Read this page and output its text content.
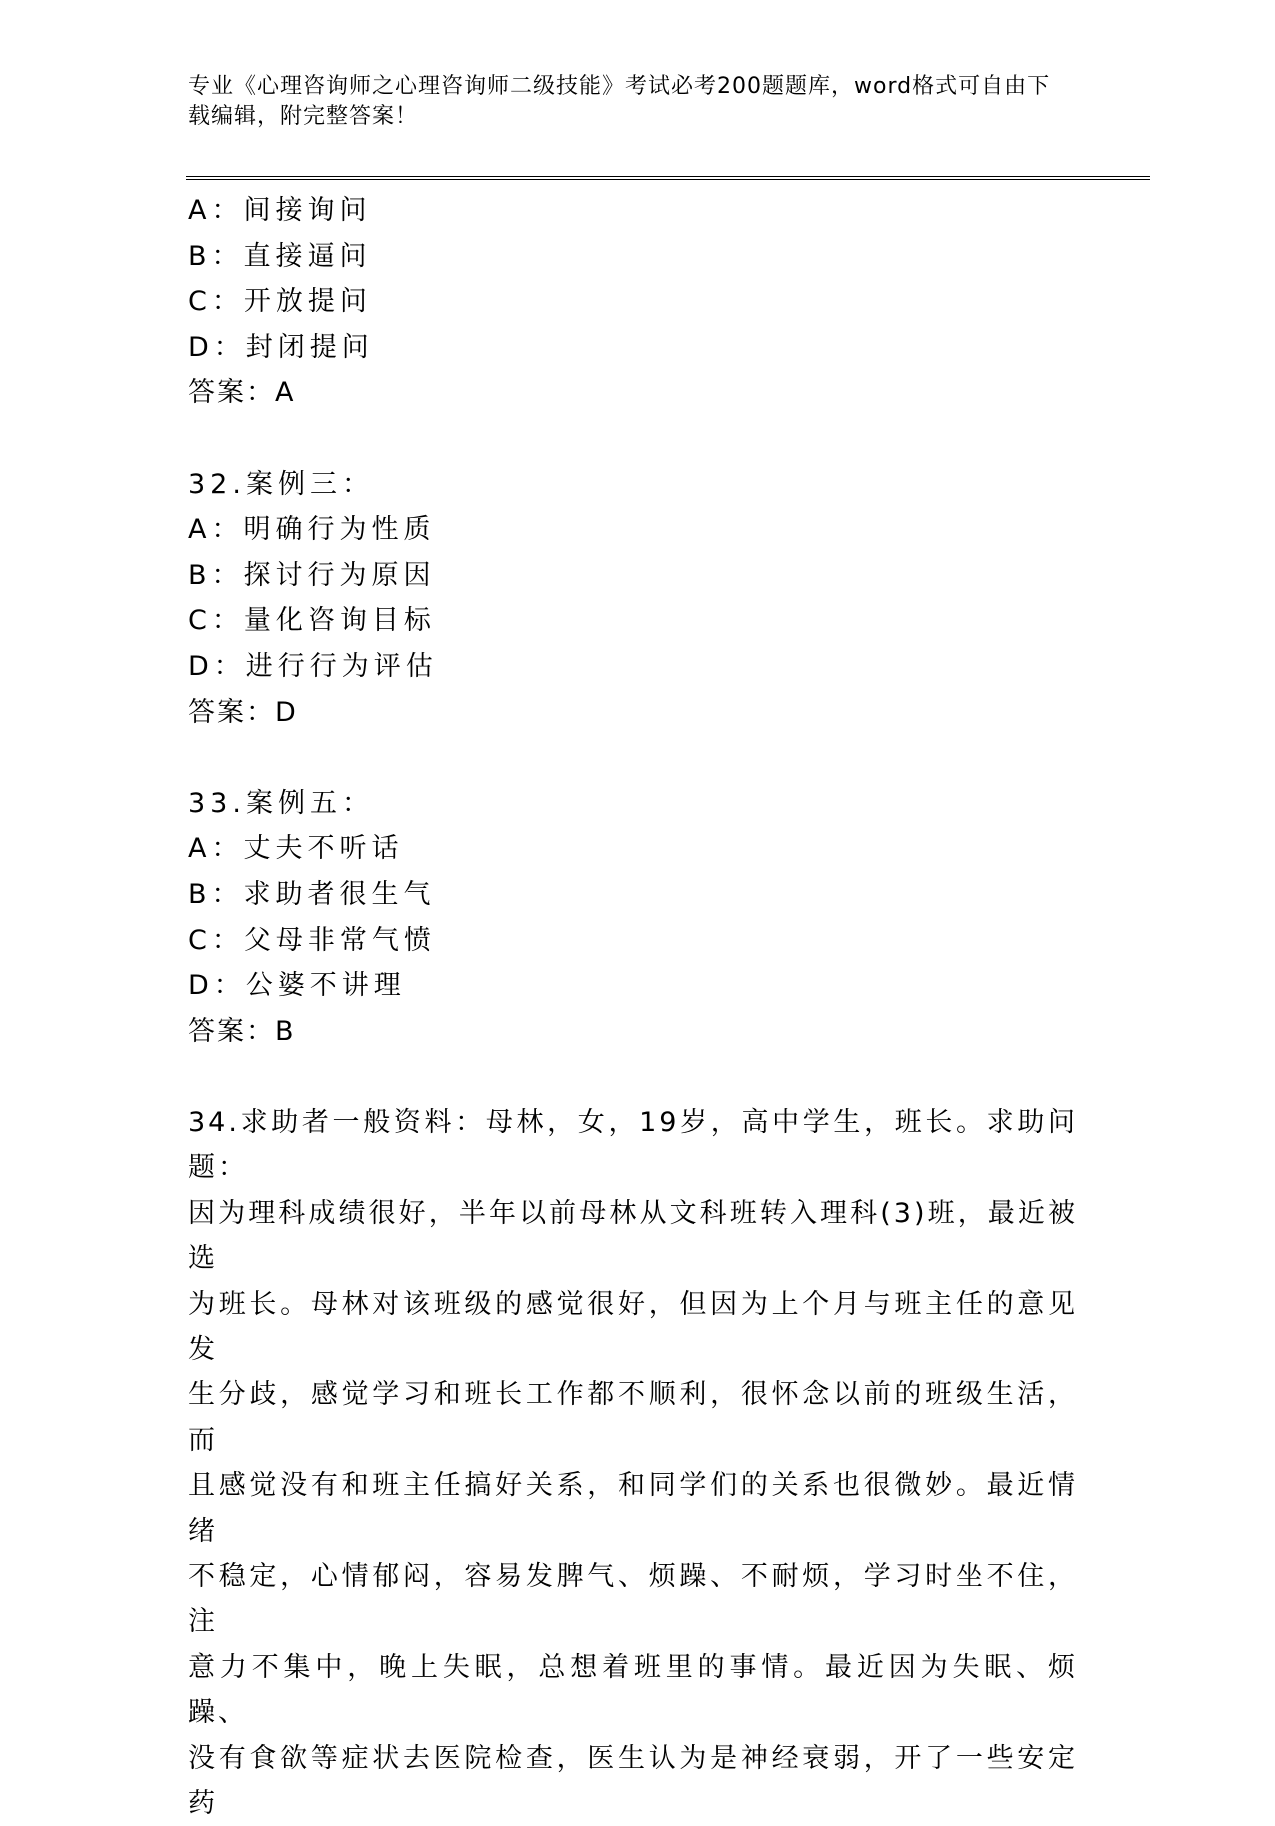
专业《心理咨询师之心理咨询师二级技能》考试必考200题题库，word格式可自由下载编辑，附完整答案！
A：间接询问
B：直接逼问
C：开放提问
D：封闭提问
答案：A
32.案例三：
A：明确行为性质
B：探讨行为原因
C：量化咨询目标
D：进行行为评估
答案：D
33.案例五：
A：丈夫不听话
B：求助者很生气
C：父母非常气愤
D：公婆不讲理
答案：B
34.求助者一般资料：母林，女，19岁，高中学生，班长。求助问题：
因为理科成绩很好，半年以前母林从文科班转入理科(3)班，最近被选
为班长。母林对该班级的感觉很好，但因为上个月与班主任的意见发
生分歧，感觉学习和班长工作都不顺利，很怀念以前的班级生活，而
且感觉没有和班主任搞好关系，和同学们的关系也很微妙。最近情绪
不稳定，心情郁闷，容易发脾气、烦躁、不耐烦，学习时坐不住，注
意力不集中，晚上失眠，总想着班里的事情。最近因为失眠、烦躁、
没有食欲等症状去医院检查，医生认为是神经衰弱，开了一些安定药
